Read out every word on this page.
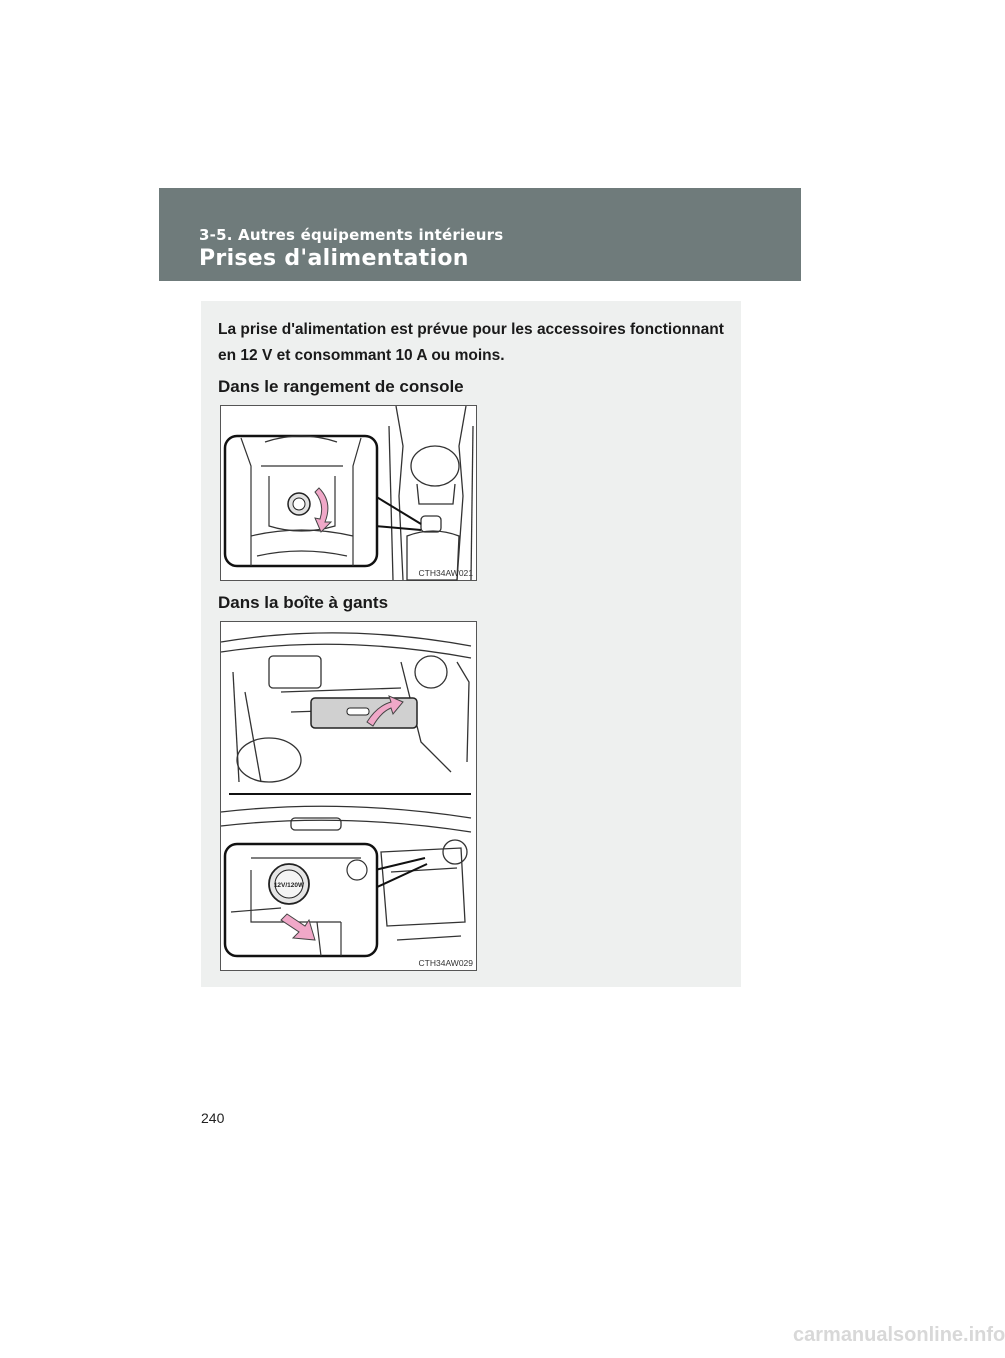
3-5. Autres équipements intérieurs
Prises d'alimentation
La prise d'alimentation est prévue pour les accessoires fonctionnant en 12 V et consommant 10 A ou moins.
Dans le rangement de console
CTH34AW021
Dans la boîte à gants
12V/120W
CTH34AW029
240
carmanualsonline.info
